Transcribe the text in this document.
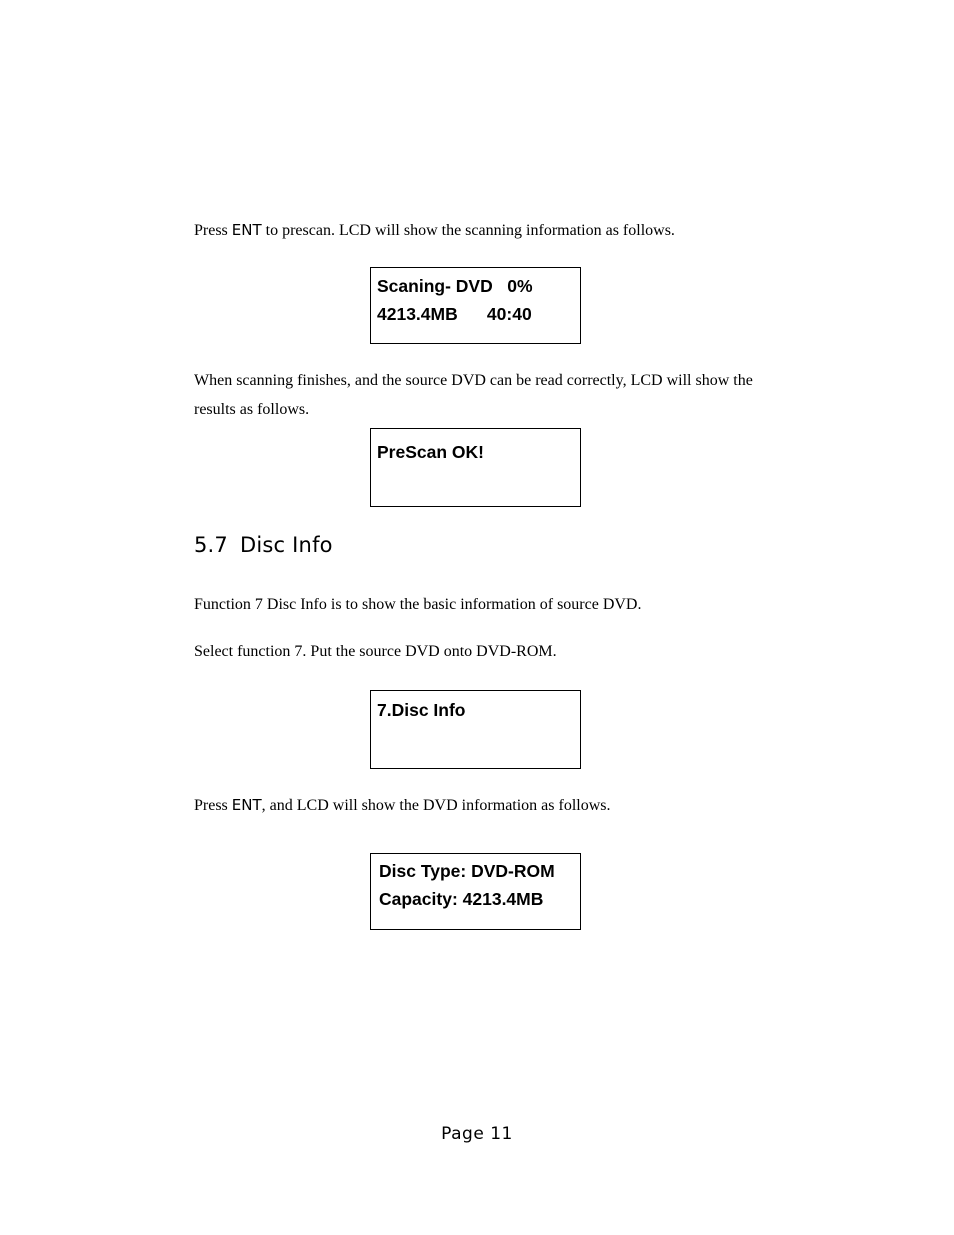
Press ENT to prescan. LCD will show the scanning information as follows.

Scaning- DVD   0%
4213.4MB      40:40

When scanning finishes, and the source DVD can be read correctly, LCD will show the results as follows.

PreScan OK!
5.7 Disc Info

Function 7 Disc Info is to show the basic information of source DVD.

Select function 7. Put the source DVD onto DVD-ROM.

7.Disc Info

Press ENT, and LCD will show the DVD information as follows.

Disc Type: DVD-ROM
Capacity: 4213.4MB
Page 11
